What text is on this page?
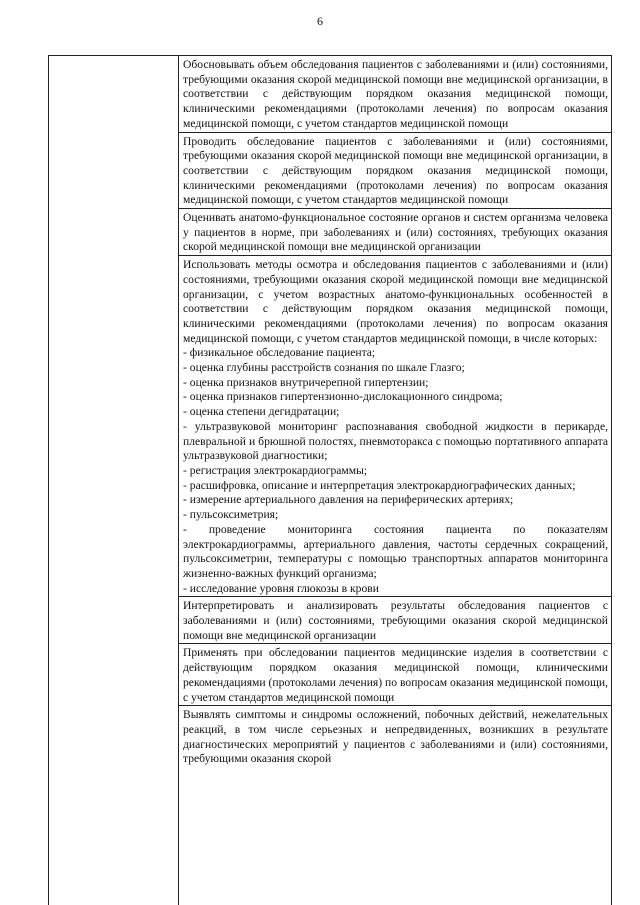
6

Обосновывать объем обследования пациентов с заболеваниями и (или) состояниями, требующими оказания скорой медицинской помощи вне медицинской организации, в соответствии с действующим порядком оказания медицинской помощи, клиническими рекомендациями (протоколами лечения) по вопросам оказания медицинской помощи, с учетом стандартов медицинской помощи

Проводить обследование пациентов с заболеваниями и (или) состояниями, требующими оказания скорой медицинской помощи вне медицинской организации, в соответствии с действующим порядком оказания медицинской помощи, клиническими рекомендациями (протоколами лечения) по вопросам оказания медицинской помощи, с учетом стандартов медицинской помощи

Оценивать анатомо-функциональное состояние органов и систем организма человека у пациентов в норме, при заболеваниях и (или) состояниях, требующих оказания скорой медицинской помощи вне медицинской организации

Использовать методы осмотра и обследования пациентов с заболеваниями и (или) состояниями, требующими оказания скорой медицинской помощи вне медицинской организации, с учетом возрастных анатомо-функциональных особенностей в соответствии с действующим порядком оказания медицинской помощи, клиническими рекомендациями (протоколами лечения) по вопросам оказания медицинской помощи, с учетом стандартов медицинской помощи, в числе которых:

- физикальное обследование пациента;
- оценка глубины расстройств сознания по шкале Глазго;
- оценка признаков внутричерепной гипертензии;
- оценка признаков гипертензионно-дислокационного синдрома;
- оценка степени дегидратации;
- ультразвуковой мониторинг распознавания свободной жидкости в перикарде, плевральной и брюшной полостях, пневмоторакса с помощью портативного аппарата ультразвуковой диагностики;
- регистрация электрокардиограммы;
- расшифровка, описание и интерпретация электрокардиографических данных;
- измерение артериального давления на периферических артериях;
- пульсоксиметрия;
- проведение мониторинга состояния пациента по показателям электрокардиограммы, артериального давления, частоты сердечных сокращений, пульсоксиметрии, температуры с помощью транспортных аппаратов мониторинга жизненно-важных функций организма;
- исследование уровня глюкозы в крови

Интерпретировать и анализировать результаты обследования пациентов с заболеваниями и (или) состояниями, требующими оказания скорой медицинской помощи вне медицинской организации

Применять при обследовании пациентов медицинские изделия в соответствии с действующим порядком оказания медицинской помощи, клиническими рекомендациями (протоколами лечения) по вопросам оказания медицинской помощи, с учетом стандартов медицинской помощи

Выявлять симптомы и синдромы осложнений, побочных действий, нежелательных реакций, в том числе серьезных и непредвиденных, возникших в результате диагностических мероприятий у пациентов с заболеваниями и (или) состояниями, требующими оказания скорой
